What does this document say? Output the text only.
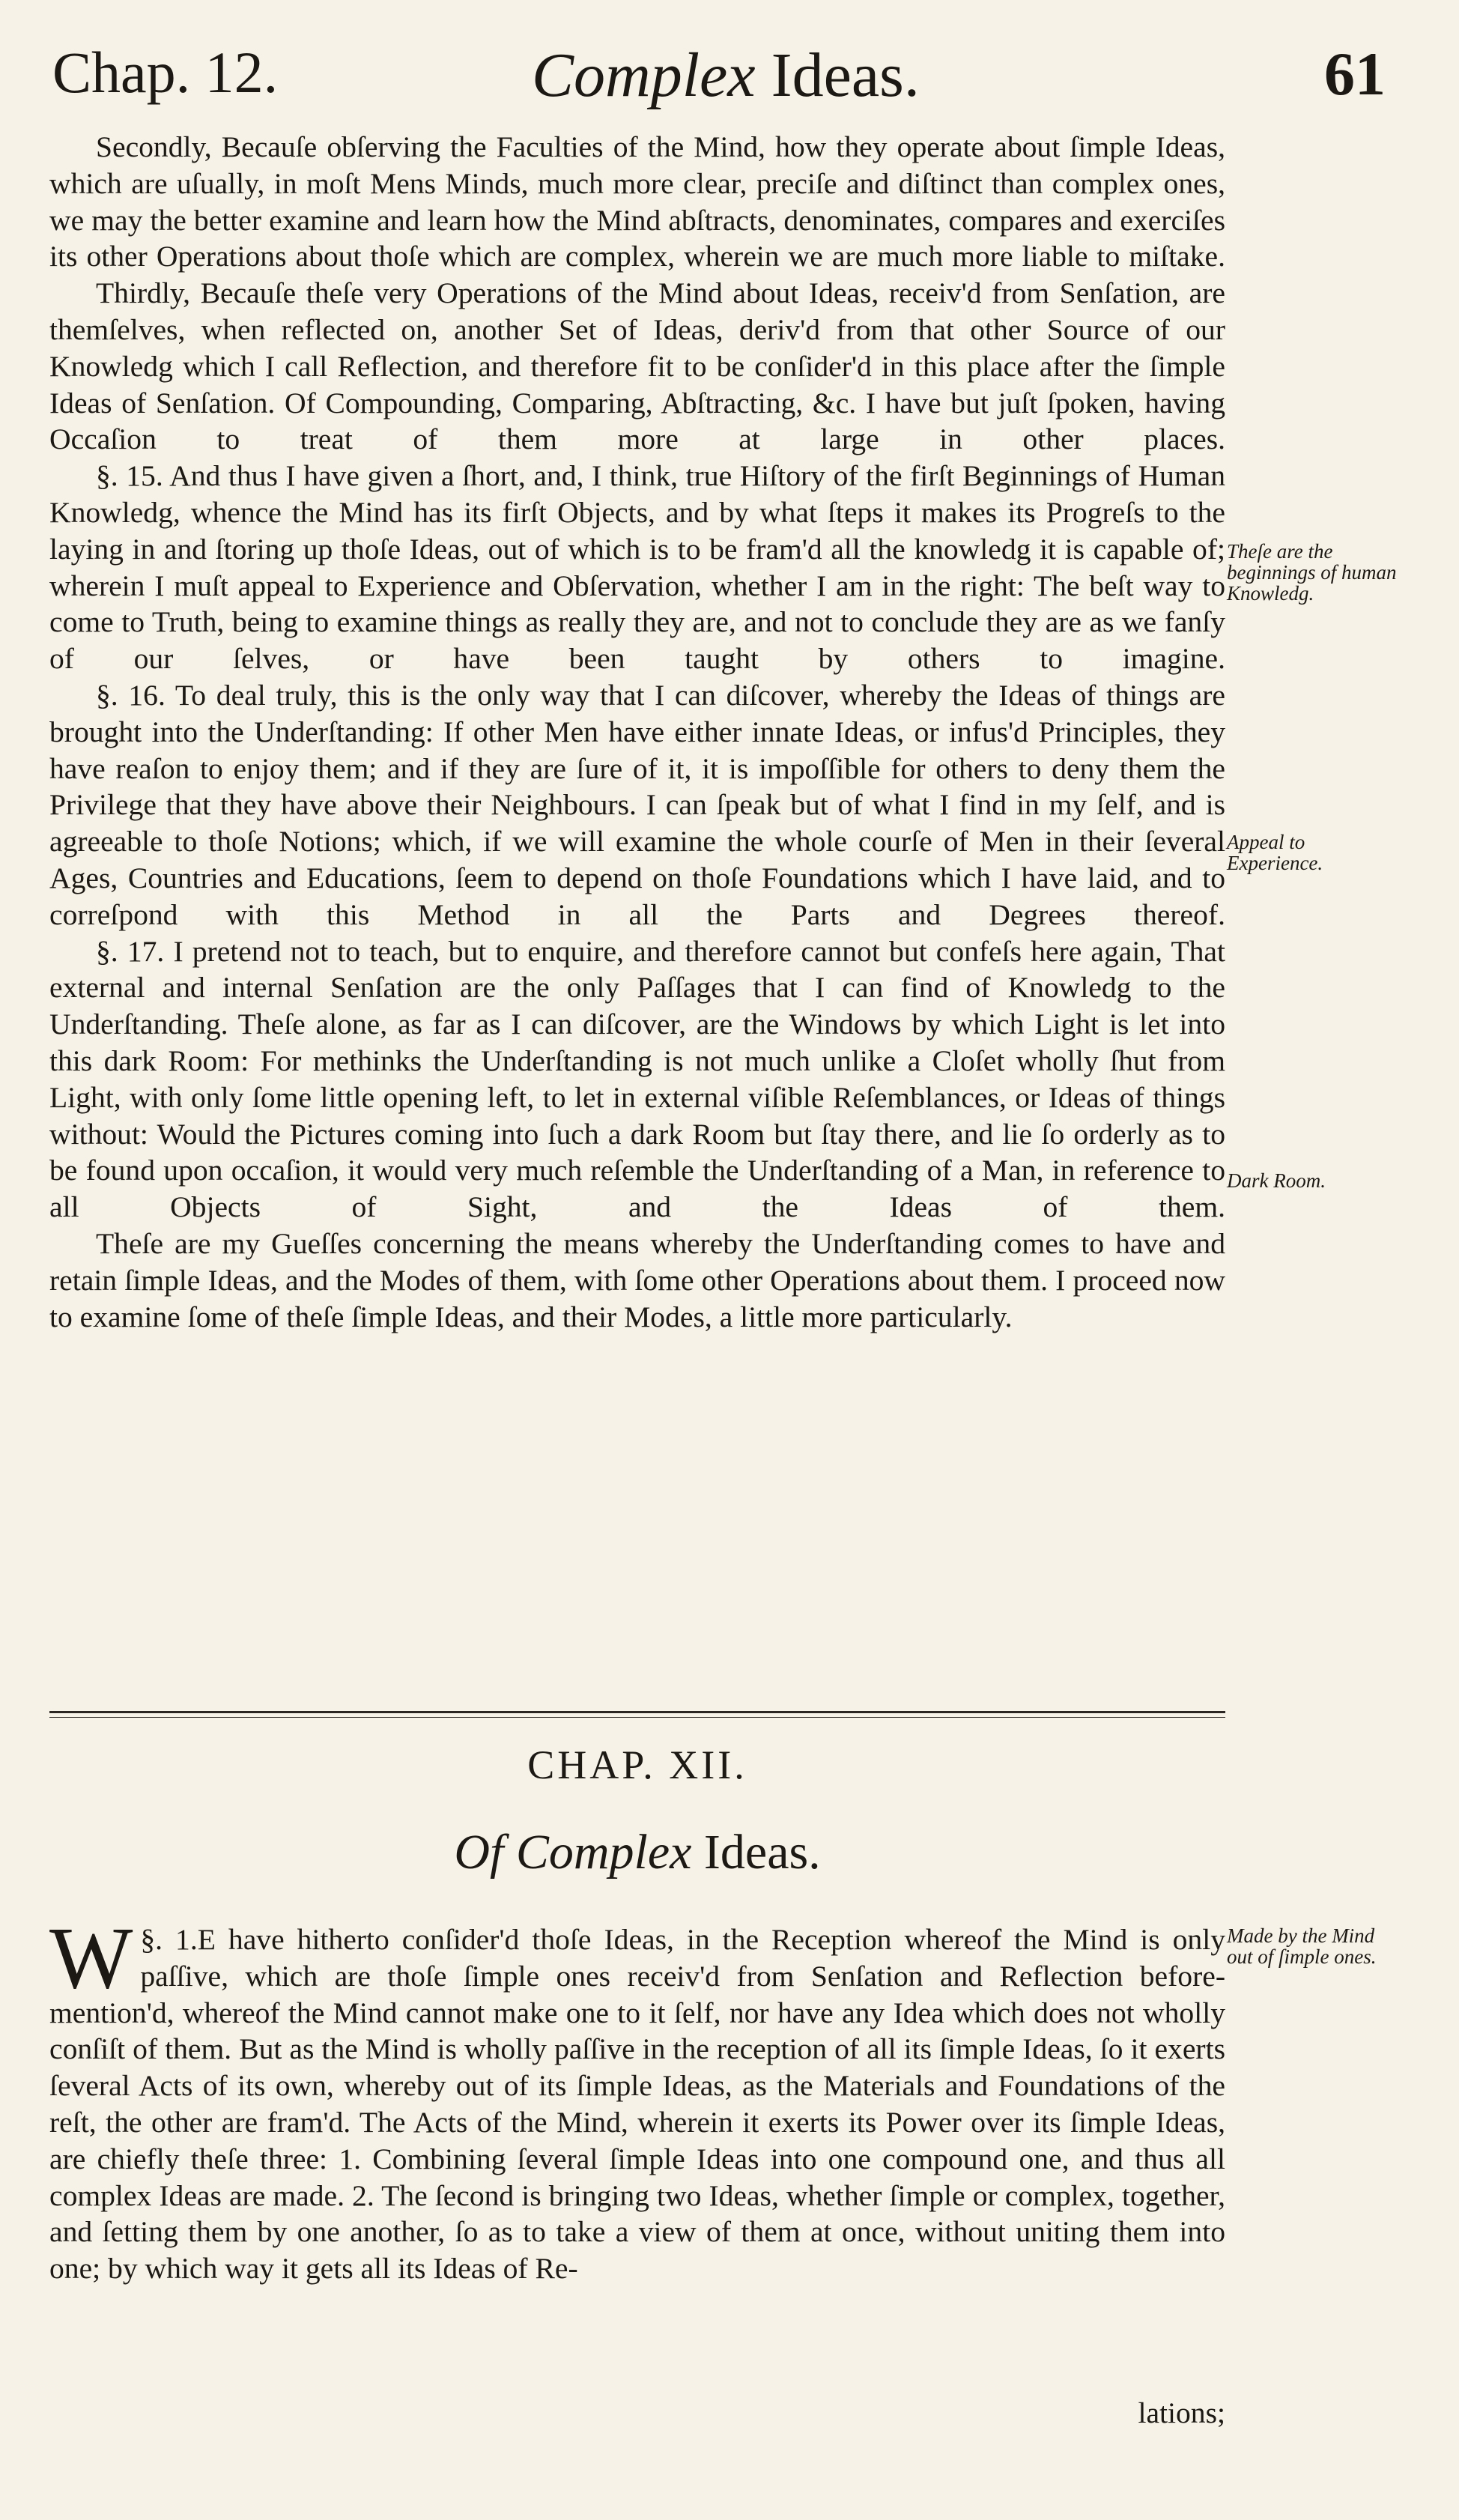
Chap. 12.	Complex Ideas.	61

Secondly, Becauſe obſerving the Faculties of the Mind, how they operate about ſimple Ideas, which are uſually, in moſt Mens Minds, much more clear, preciſe and diſtinct than complex ones, we may the better examine and learn how the Mind abſtracts, denominates, compares and exerciſes its other Operations about thoſe which are complex, wherein we are much more liable to miſtake.

Thirdly, Becauſe theſe very Operations of the Mind about Ideas, receiv'd from Senſation, are themſelves, when reflected on, another Set of Ideas, deriv'd from that other Source of our Knowledg which I call Reflection, and therefore fit to be conſider'd in this place after the ſimple Ideas of Senſation. Of Compounding, Comparing, Abſtracting, &c. I have but juſt ſpoken, having Occaſion to treat of them more at large in other places.

§. 15. And thus I have given a ſhort, and, I think, true Hiſtory of the firſt Beginnings of Human Knowledg, whence the Mind has its firſt Objects, and by what ſteps it makes its Progreſs to the laying in and ſtoring up thoſe Ideas, out of which is to be fram'd all the knowledg it is capable of; wherein I muſt appeal to Experience and Obſervation, whether I am in the right: The beſt way to come to Truth, being to examine things as really they are, and not to conclude they are as we fanſy of our ſelves, or have been taught by others to imagine.

§. 16. To deal truly, this is the only way that I can diſcover, whereby the Ideas of things are brought into the Underſtanding: If other Men have either innate Ideas, or infus'd Principles, they have reaſon to enjoy them; and if they are ſure of it, it is impoſſible for others to deny them the Privilege that they have above their Neighbours. I can ſpeak but of what I find in my ſelf, and is agreeable to thoſe Notions; which, if we will examine the whole courſe of Men in their ſeveral Ages, Countries and Educations, ſeem to depend on thoſe Foundations which I have laid, and to correſpond with this Method in all the Parts and Degrees thereof.

§. 17. I pretend not to teach, but to enquire, and therefore cannot but confeſs here again, That external and internal Senſation are the only Paſſages that I can find of Knowledg to the Underſtanding. Theſe alone, as far as I can diſcover, are the Windows by which Light is let into this dark Room: For methinks the Underſtanding is not much unlike a Cloſet wholly ſhut from Light, with only ſome little opening left, to let in external viſible Reſemblances, or Ideas of things without: Would the Pictures coming into ſuch a dark Room but ſtay there, and lie ſo orderly as to be found upon occaſion, it would very much reſemble the Underſtanding of a Man, in reference to all Objects of Sight, and the Ideas of them.

Theſe are my Gueſſes concerning the means whereby the Underſtanding comes to have and retain ſimple Ideas, and the Modes of them, with ſome other Operations about them. I proceed now to examine ſome of theſe ſimple Ideas, and their Modes, a little more particularly.

Theſe are the beginnings of human Knowledg.
Appeal to Experience.
Dark Room.
Made by the Mind out of ſimple ones.
CHAP. XII.
Of Complex Ideas.

§. 1.
W E have hitherto conſider'd thoſe Ideas, in the Reception whereof the Mind is only paſſive, which are thoſe ſimple ones receiv'd from Senſation and Reflection before-mention'd, whereof the Mind cannot make one to it ſelf, nor have any Idea which does not wholly conſiſt of them. But as the Mind is wholly paſſive in the reception of all its ſimple Ideas, ſo it exerts ſeveral Acts of its own, whereby out of its ſimple Ideas, as the Materials and Foundations of the reſt, the other are fram'd. The Acts of the Mind, wherein it exerts its Power over its ſimple Ideas, are chiefly theſe three: 1. Combining ſeveral ſimple Ideas into one compound one, and thus all complex Ideas are made. 2. The ſecond is bringing two Ideas, whether ſimple or complex, together, and ſetting them by one another, ſo as to take a view of them at once, without uniting them into one; by which way it gets all its Ideas of Re-

lations;
